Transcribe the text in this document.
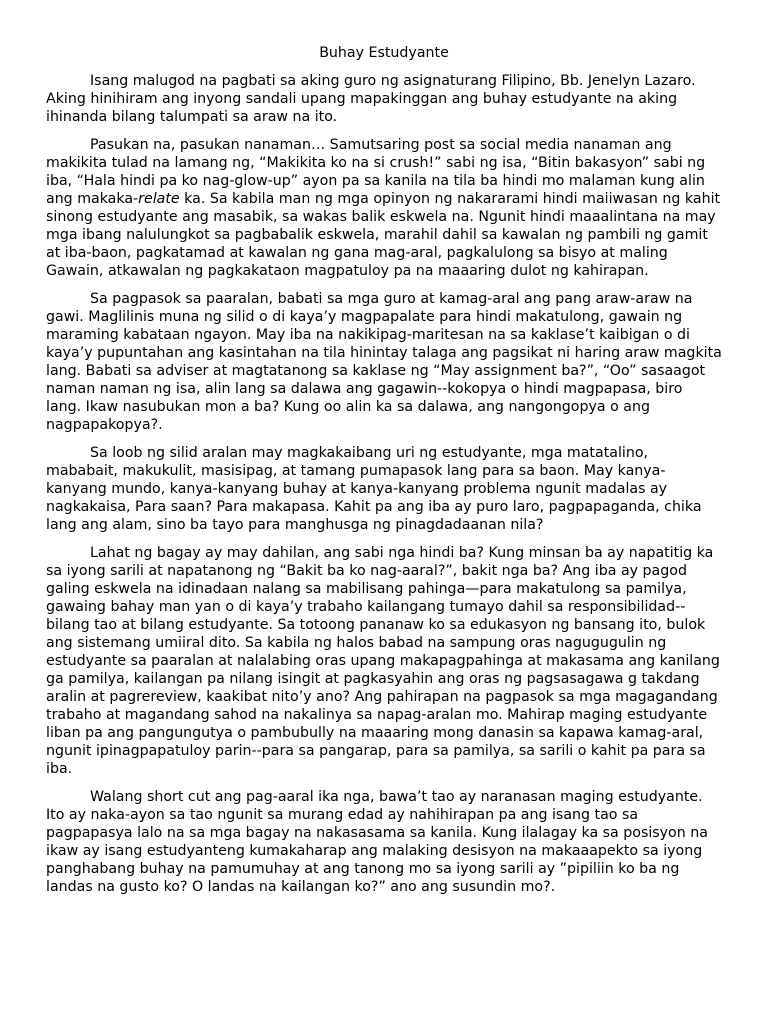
Buhay Estudyante

Isang malugod na pagbati sa aking guro ng asignaturang Filipino, Bb. Jenelyn Lazaro. Aking hinihiram ang inyong sandali upang mapakinggan ang buhay estudyante na aking ihinanda bilang talumpati sa araw na ito.

Pasukan na, pasukan nanaman… Samutsaring post sa social media nanaman ang makikita tulad na lamang ng, “Makikita ko na si crush!” sabi ng isa, “Bitin bakasyon” sabi ng iba, “Hala hindi pa ko nag-glow-up” ayon pa sa kanila na tila ba hindi mo malaman kung alin ang makaka-relate ka. Sa kabila man ng mga opinyon ng nakararami hindi maiiwasan ng kahit sinong estudyante ang masabik, sa wakas balik eskwela na. Ngunit hindi maaalintana na may mga ibang nalulungkot sa pagbabalik eskwela, marahil dahil sa kawalan ng pambili ng gamit at iba-baon, pagkatamad at kawalan ng gana mag-aral, pagkalulong sa bisyo at maling Gawain, atkawalan ng pagkakataon magpatuloy pa na maaaring dulot ng kahirapan.

Sa pagpasok sa paaralan, babati sa mga guro at kamag-aral ang pang araw-araw na gawi. Maglilinis muna ng silid o di kaya’y magpapalate para hindi makatulong, gawain ng maraming kabataan ngayon. May iba na nakikipag-maritesan na sa kaklase’t kaibigan o di kaya’y pupuntahan ang kasintahan na tila hinintay talaga ang pagsikat ni haring araw magkita lang. Babati sa adviser at magtatanong sa kaklase ng “May assignment ba?”, “Oo” sasaagot naman naman ng isa, alin lang sa dalawa ang gagawin--kokopya o hindi magpapasa, biro lang. Ikaw nasubukan mon a ba? Kung oo alin ka sa dalawa, ang nangongopya o ang nagpapakopya?.

Sa loob ng silid aralan may magkakaibang uri ng estudyante, mga matatalino, mababait, makukulit, masisipag, at tamang pumapasok lang para sa baon. May kanya-kanyang mundo, kanya-kanyang buhay at kanya-kanyang problema ngunit madalas ay nagkakaisa, Para saan? Para makapasa. Kahit pa ang iba ay puro laro, pagpapaganda, chika lang ang alam, sino ba tayo para manghusga ng pinagdadaanan nila?

Lahat ng bagay ay may dahilan, ang sabi nga hindi ba? Kung minsan ba ay napatitig ka sa iyong sarili at napatanong ng “Bakit ba ko nag-aaral?”, bakit nga ba? Ang iba ay pagod galing eskwela na idinadaan nalang sa mabilisang pahinga—para makatulong sa pamilya, gawaing bahay man yan o di kaya’y trabaho kailangang tumayo dahil sa responsibilidad--bilang tao at bilang estudyante. Sa totoong pananaw ko sa edukasyon ng bansang ito, bulok ang sistemang umiiral dito. Sa kabila ng halos babad na sampung oras nagugugulin ng estudyante sa paaralan at nalalabing oras upang makapagpahinga at makasama ang kanilang ga pamilya, kailangan pa nilang isingit at pagkasyahin ang oras ng pagsasagawa g takdang aralin at pagrereview, kaakibat nito’y ano? Ang pahirapan na pagpasok sa mga magagandang trabaho at magandang sahod na nakalinya sa napag-aralan mo. Mahirap maging estudyante liban pa ang pangungutya o pambubully na maaaring mong danasin sa kapawa kamag-aral, ngunit ipinagpapatuloy parin--para sa pangarap, para sa pamilya, sa sarili o kahit pa para sa iba.

Walang short cut ang pag-aaral ika nga, bawa’t tao ay naranasan maging estudyante. Ito ay naka-ayon sa tao ngunit sa murang edad ay nahihirapan pa ang isang tao sa pagpapasya lalo na sa mga bagay na nakasasama sa kanila. Kung ilalagay ka sa posisyon na ikaw ay isang estudyanteng kumakaharap ang malaking desisyon na makaaapekto sa iyong panghabang buhay na pamumuhay at ang tanong mo sa iyong sarili ay ”pipiliin ko ba ng landas na gusto ko? O landas na kailangan ko?” ano ang susundin mo?.
